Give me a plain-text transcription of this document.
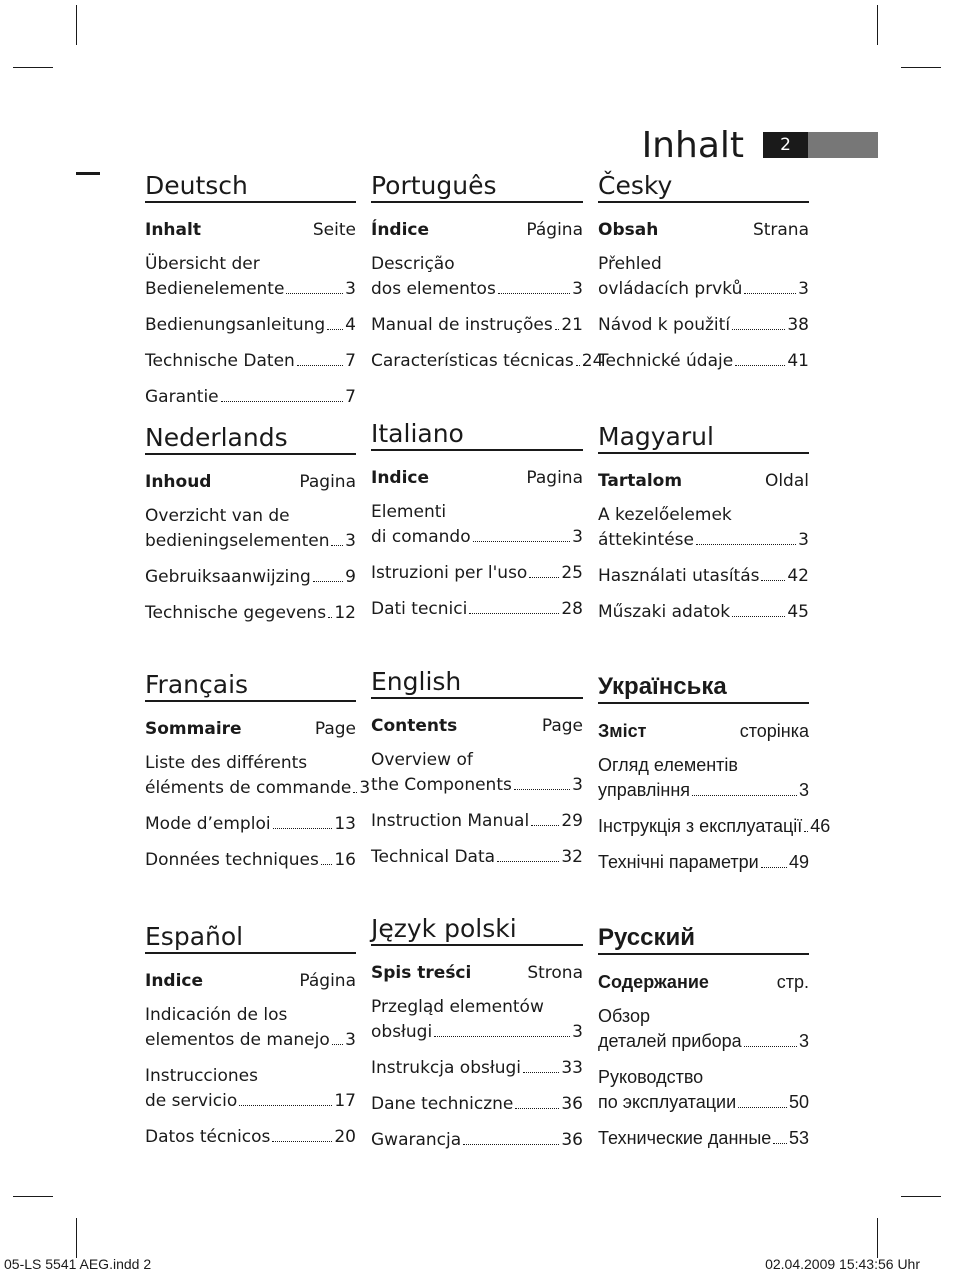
Inhalt	2
Deutsch
Inhalt	Seite
Übersicht der
Bedienelemente	3
Bedienungsanleitung 4
Technische Daten	7
Garantie	7
Português
Índice	Página
Descrição
dos elementos	3
Manual de instruções 21
Características técnicas 24
Česky
Obsah	Strana
Přehled
ovládacích prvků	3
Návod k použití	38
Technické údaje	41
Nederlands
Inhoud	Pagina
Overzicht van de
bedieningselementen 3
Gebruiksaanwijzing 9
Technische gegevens 12
Italiano
Indice	Pagina
Elementi
di comando	3
Istruzioni per l'uso 25
Dati tecnici	28
Magyarul
Tartalom	Oldal
A kezelőelemek
áttekintése	3
Használati utasítás 42
Műszaki adatok	45
Français
Sommaire	Page
Liste des différents
éléments de commande 3
Mode d’emploi	13
Données techniques 16
English
Contents	Page
Overview of
the Components	3
Instruction Manual 29
Technical Data	32
Українська
Зміст	сторінка
Огляд елементів
управління	3
Інструкція з експлуатації 46
Технічні параметри 49
Español
Indice	Página
Indicación de los
elementos de manejo 3
Instrucciones
de servicio	17
Datos técnicos	20
Język polski
Spis treści	Strona
Przegląd elementów
obsługi	3
Instrukcja obsługi 33
Dane techniczne	36
Gwarancja	36
Русский
Содержание	стр.
Обзор
деталей прибора	3
Руководство
по эксплуатации	50
Технические данные 53
05-LS 5541 AEG.indd 2	02.04.2009 15:43:56 Uhr
